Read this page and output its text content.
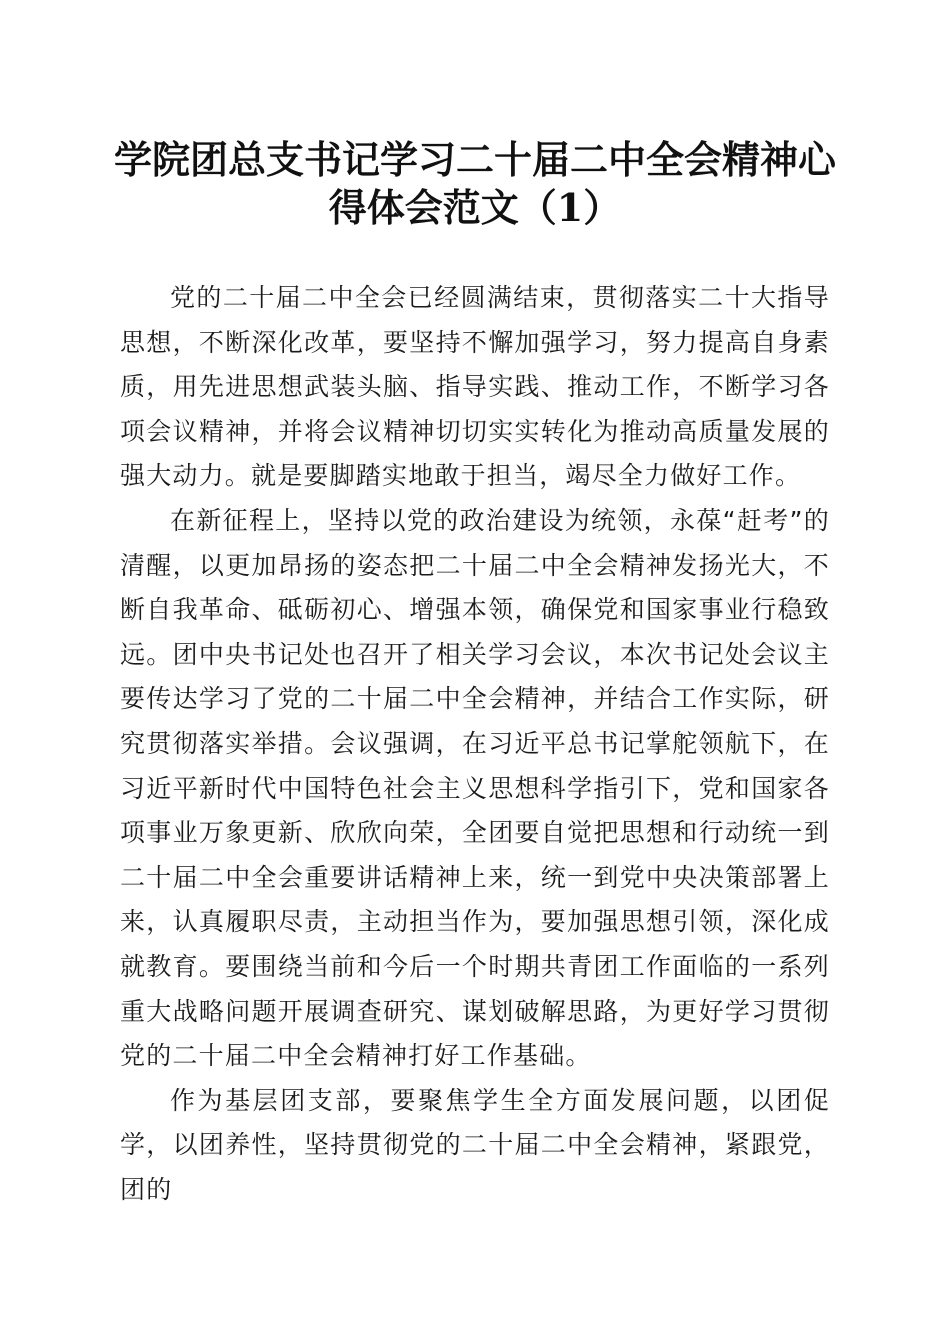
学院团总支书记学习二十届二中全会精神心得体会范文（1）

党的二十届二中全会已经圆满结束，贯彻落实二十大指导思想，不断深化改革，要坚持不懈加强学习，努力提高自身素质，用先进思想武装头脑、指导实践、推动工作，不断学习各项会议精神，并将会议精神切切实实转化为推动高质量发展的强大动力。就是要脚踏实地敢于担当，竭尽全力做好工作。

在新征程上，坚持以党的政治建设为统领，永葆“赶考”的清醒，以更加昂扬的姿态把二十届二中全会精神发扬光大，不断自我革命、砥砺初心、增强本领，确保党和国家事业行稳致远。团中央书记处也召开了相关学习会议，本次书记处会议主要传达学习了党的二十届二中全会精神，并结合工作实际，研究贯彻落实举措。会议强调，在习近平总书记掌舵领航下，在习近平新时代中国特色社会主义思想科学指引下，党和国家各项事业万象更新、欣欣向荣，全团要自觉把思想和行动统一到二十届二中全会重要讲话精神上来，统一到党中央决策部署上来，认真履职尽责，主动担当作为，要加强思想引领，深化成就教育。要围绕当前和今后一个时期共青团工作面临的一系列重大战略问题开展调查研究、谋划破解思路，为更好学习贯彻党的二十届二中全会精神打好工作基础。

作为基层团支部，要聚焦学生全方面发展问题，以团促学，以团养性，坚持贯彻党的二十届二中全会精神，紧跟党，团的
